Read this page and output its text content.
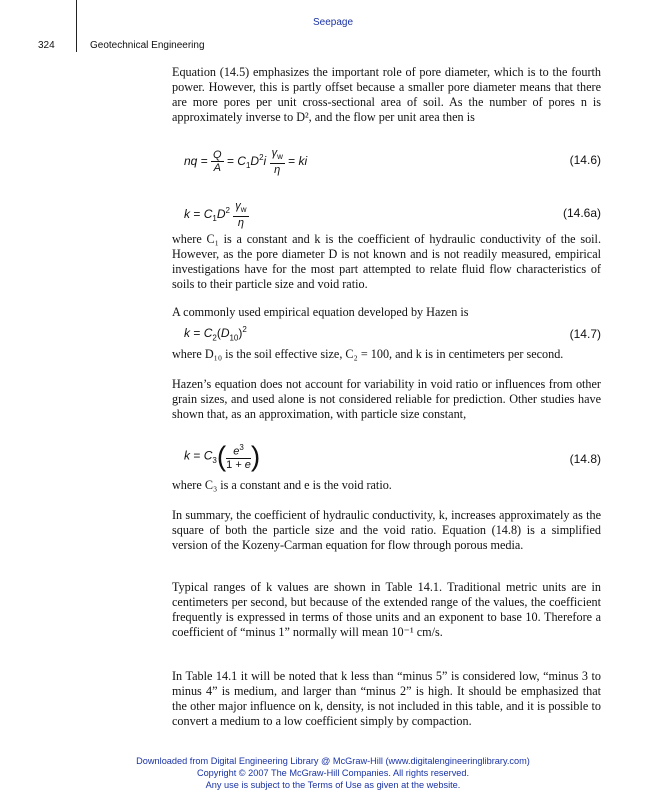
Seepage
324	Geotechnical Engineering
Equation (14.5) emphasizes the important role of pore diameter, which is to the fourth power. However, this is partly offset because a smaller pore diameter means that there are more pores per unit cross-sectional area of soil. As the number of pores n is approximately inverse to D², and the flow per unit area then is
nq = $\frac{Q}{A} = C_1D^2i \frac{\gamma_w}{\eta}$ = ki	(14.6)
$k = C_1D^2 \frac{\gamma_w}{\eta}$	(14.6a)
where C₁ is a constant and k is the coefficient of hydraulic conductivity of the soil. However, as the pore diameter D is not known and is not readily measured, empirical investigations have for the most part attempted to relate fluid flow characteristics of soils to their particle size and void ratio.
A commonly used empirical equation developed by Hazen is
$k = C_2(D_{10})^2$	(14.7)
where D₁₀ is the soil effective size, C₂ = 100, and k is in centimeters per second.
Hazen’s equation does not account for variability in void ratio or influences from other grain sizes, and used alone is not considered reliable for prediction. Other studies have shown that, as an approximation, with particle size constant,
$k = C_3( \frac{e^3}{1 + e}$ )	(14.8)
where C₃ is a constant and e is the void ratio.
In summary, the coefficient of hydraulic conductivity, k, increases approximately as the square of both the particle size and the void ratio. Equation (14.8) is a simplified version of the Kozeny-Carman equation for flow through porous media.
Typical ranges of k values are shown in Table 14.1. Traditional metric units are in centimeters per second, but because of the extended range of the values, the coefficient frequently is expressed in terms of those units and an exponent to base 10. Therefore a coefficient of “minus 1” normally will mean 10⁻¹ cm/s.
In Table 14.1 it will be noted that k less than “minus 5” is considered low, “minus 3 to minus 4” is medium, and larger than “minus 2” is high. It should be emphasized that the other major influence on k, density, is not included in this table, and it is possible to convert a medium to a low coefficient simply by compaction.
Downloaded from Digital Engineering Library @ McGraw-Hill (www.digitalengineeringlibrary.com)
Copyright © 2007 The McGraw-Hill Companies. All rights reserved.
Any use is subject to the Terms of Use as given at the website.
